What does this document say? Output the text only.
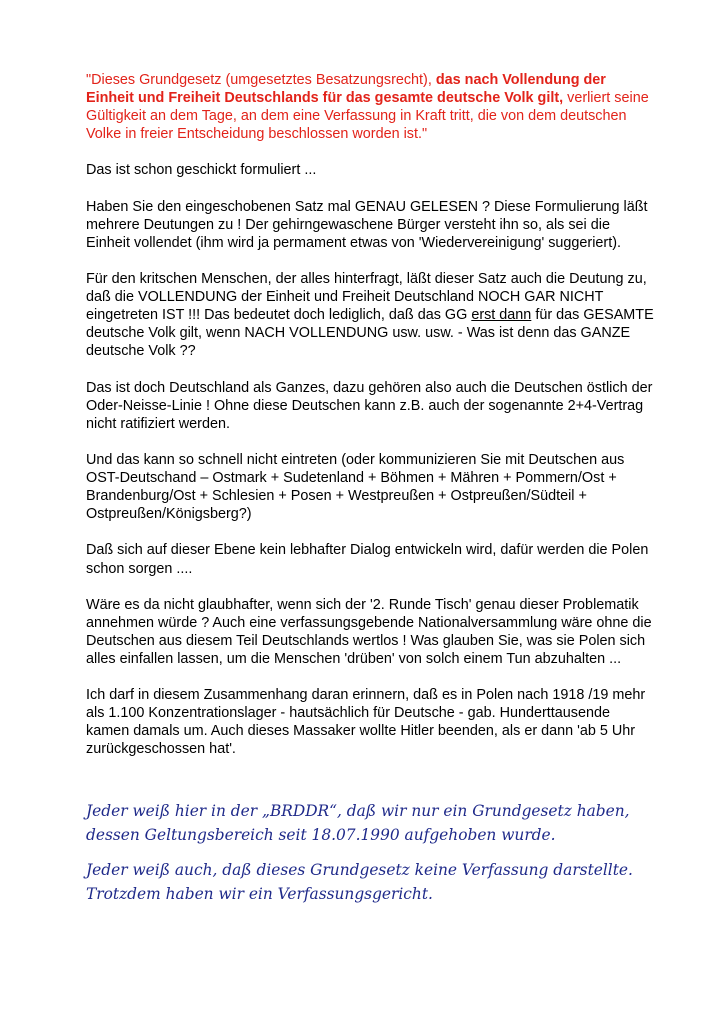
"Dieses Grundgesetz (umgesetztes Besatzungsrecht), das nach Vollendung der Einheit und Freiheit Deutschlands für das gesamte deutsche Volk gilt, verliert seine Gültigkeit an dem Tage, an dem eine Verfassung in Kraft tritt, die von dem deutschen Volke in freier Entscheidung beschlossen worden ist."

Das ist schon geschickt formuliert ...

Haben Sie den eingeschobenen Satz mal GENAU GELESEN ? Diese Formulierung läßt mehrere Deutungen zu ! Der gehirngewaschene Bürger versteht ihn so, als sei die Einheit vollendet (ihm wird ja permament etwas von 'Wiedervereinigung' suggeriert).

Für den kritschen Menschen, der alles hinterfragt, läßt dieser Satz auch die Deutung zu, daß die VOLLENDUNG der Einheit und Freiheit Deutschland NOCH GAR NICHT eingetreten IST !!! Das bedeutet doch lediglich, daß das GG erst dann für das GESAMTE deutsche Volk gilt, wenn NACH VOLLENDUNG usw. usw. - Was ist denn das GANZE deutsche Volk ??

Das ist doch Deutschland als Ganzes, dazu gehören also auch die Deutschen östlich der Oder-Neisse-Linie ! Ohne diese Deutschen kann z.B. auch der sogenannte 2+4-Vertrag nicht ratifiziert werden.

Und das kann so schnell nicht eintreten (oder kommunizieren Sie mit Deutschen aus OST-Deutschand – Ostmark + Sudetenland + Böhmen + Mähren + Pommern/Ost + Brandenburg/Ost + Schlesien + Posen + Westpreußen + Ostpreußen/Südteil + Ostpreußen/Königsberg?)

Daß sich auf dieser Ebene kein lebhafter Dialog entwickeln wird, dafür werden die Polen schon sorgen ....

Wäre es da nicht glaubhafter, wenn sich der '2. Runde Tisch' genau dieser Problematik annehmen würde ? Auch eine verfassungsgebende Nationalversammlung wäre ohne die Deutschen aus diesem Teil Deutschlands wertlos ! Was glauben Sie, was sie Polen sich alles einfallen lassen, um die Menschen 'drüben' von solch einem Tun abzuhalten ...

Ich darf in diesem Zusammenhang daran erinnern, daß es in Polen nach 1918 /19 mehr als 1.100 Konzentrationslager - hautsächlich für Deutsche - gab. Hunderttausende kamen damals um. Auch dieses Massaker wollte Hitler beenden, als er dann 'ab 5 Uhr zurückgeschossen hat'.

Jeder weiß hier in der „BRDDR“, daß wir nur ein Grundgesetz haben, dessen Geltungsbereich seit 18.07.1990 aufgehoben wurde.

Jeder weiß auch, daß dieses Grundgesetz keine Verfassung darstellte. Trotzdem haben wir ein Verfassungsgericht.
